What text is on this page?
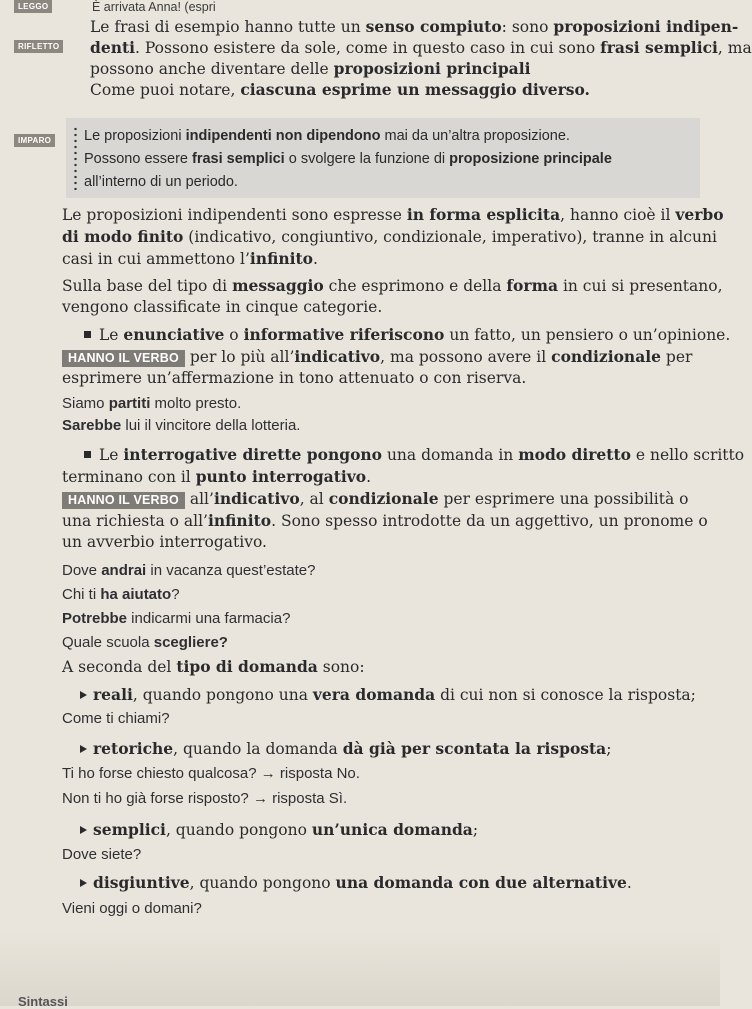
LEGGO	È arrivata Anna! (espri
RIFLETTO
Le frasi di esempio hanno tutte un senso compiuto: sono proposizioni indipen-
denti. Possono esistere da sole, come in questo caso in cui sono frasi semplici, ma
possono anche diventare delle proposizioni principali
Come puoi notare, ciascuna esprime un messaggio diverso.
IMPARO Le proposizioni indipendenti non dipendono mai da un’altra proposizione.
Possono essere frasi semplici o svolgere la funzione di proposizione principale
all’interno di un periodo.
Le proposizioni indipendenti sono espresse in forma esplicita, hanno cioè il verbo
di modo finito (indicativo, congiuntivo, condizionale, imperativo), tranne in alcuni
casi in cui ammettono l’infinito.
Sulla base del tipo di messaggio che esprimono e della forma in cui si presentano,
vengono classificate in cinque categorie.
Le enunciative o informative riferiscono un fatto, un pensiero o un’opinione.
HANNO IL VERBO per lo più all’indicativo, ma possono avere il condizionale per
esprimere un’affermazione in tono attenuato o con riserva.
Siamo partiti molto presto.
Sarebbe lui il vincitore della lotteria.
Le interrogative dirette pongono una domanda in modo diretto e nello scritto
terminano con il punto interrogativo.
HANNO IL VERBO all’indicativo, al condizionale per esprimere una possibilità o
una richiesta o all’infinito. Sono spesso introdotte da un aggettivo, un pronome o
un avverbio interrogativo.
Dove andrai in vacanza quest’estate?
Chi ti ha aiutato?
Potrebbe indicarmi una farmacia?
Quale scuola scegliere?
A seconda del tipo di domanda sono:
reali, quando pongono una vera domanda di cui non si conosce la risposta;
Come ti chiami?
retoriche, quando la domanda dà già per scontata la risposta;
Ti ho forse chiesto qualcosa? → risposta No.
Non ti ho già forse risposto? → risposta Sì.
semplici, quando pongono un’unica domanda;
Dove siete?
disgiuntive, quando pongono una domanda con due alternative.
Vieni oggi o domani?
Sintassi
